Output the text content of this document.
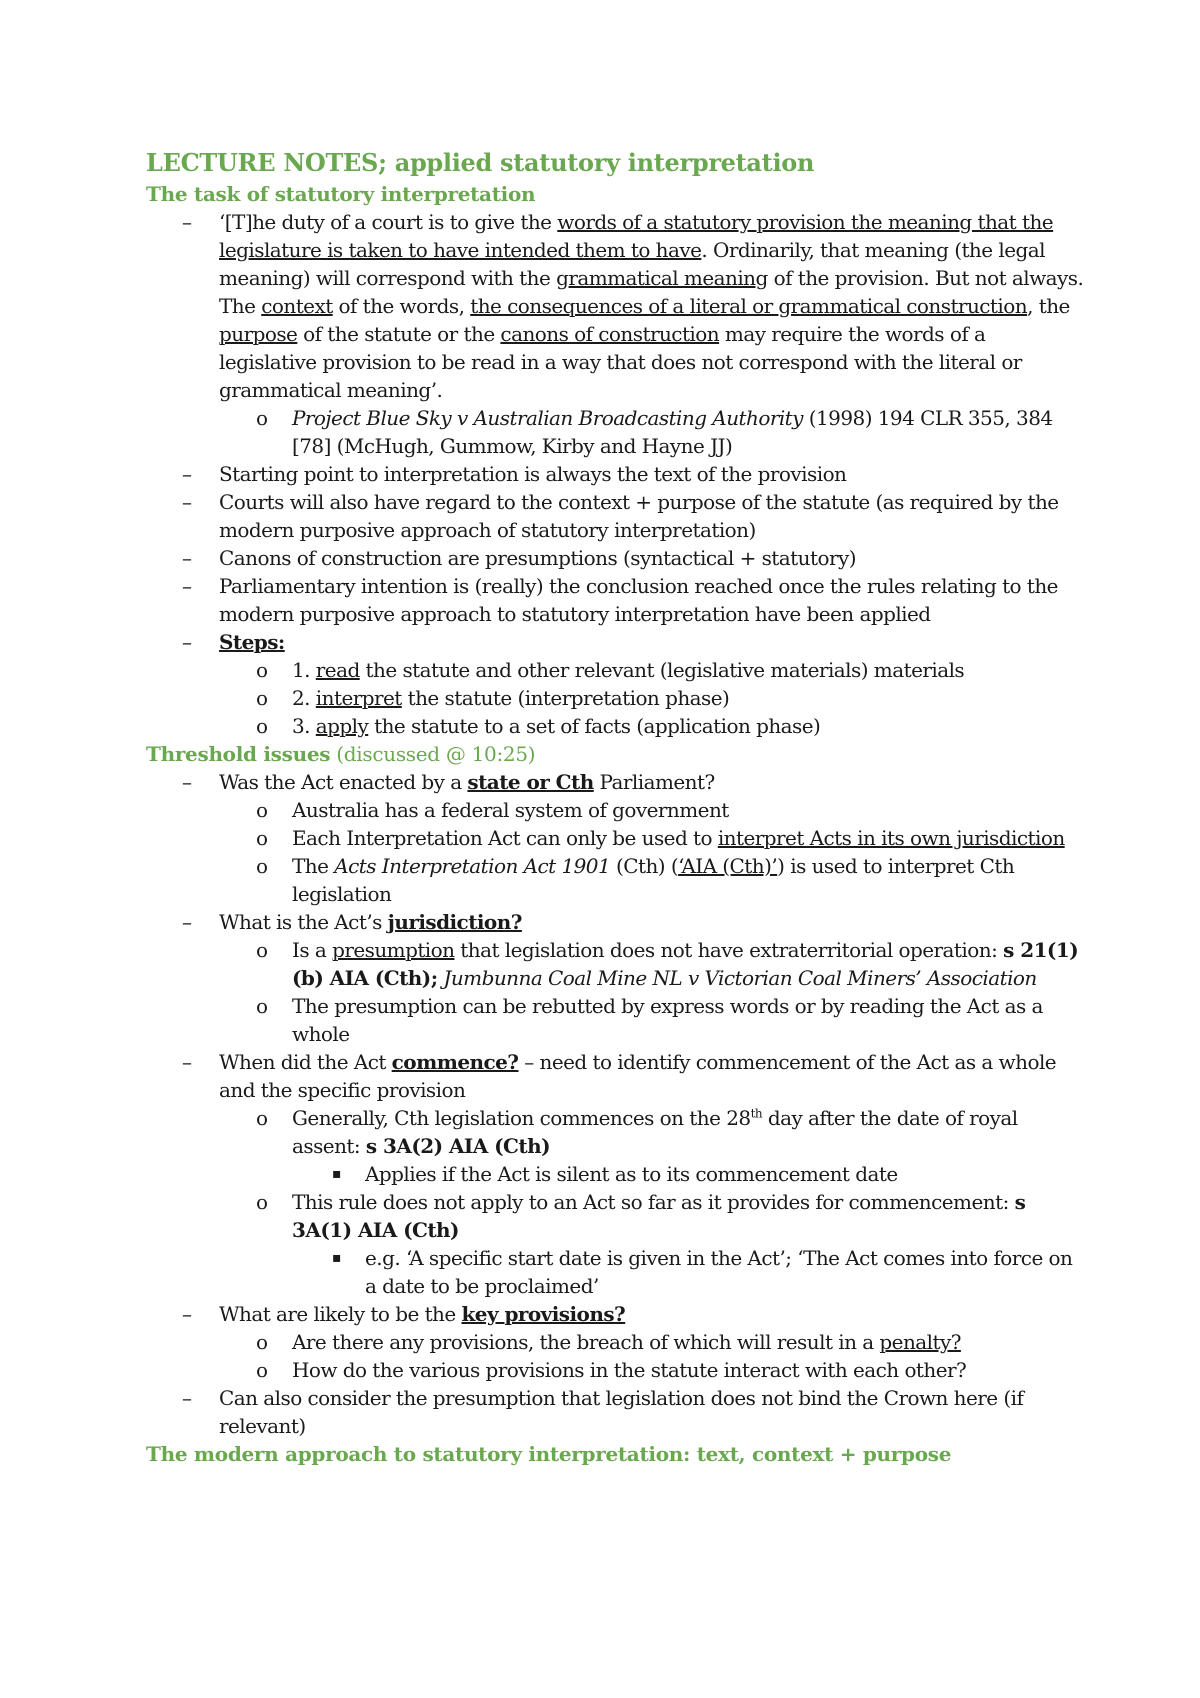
LECTURE NOTES; applied statutory interpretation
The task of statutory interpretation
– ‘[T]he duty of a court is to give the words of a statutory provision the meaning that the legislature is taken to have intended them to have. Ordinarily, that meaning (the legal meaning) will correspond with the grammatical meaning of the provision. But not always. The context of the words, the consequences of a literal or grammatical construction, the purpose of the statute or the canons of construction may require the words of a legislative provision to be read in a way that does not correspond with the literal or grammatical meaning’.
o Project Blue Sky v Australian Broadcasting Authority (1998) 194 CLR 355, 384 [78] (McHugh, Gummow, Kirby and Hayne JJ)
– Starting point to interpretation is always the text of the provision
– Courts will also have regard to the context + purpose of the statute (as required by the modern purposive approach of statutory interpretation)
– Canons of construction are presumptions (syntactical + statutory)
– Parliamentary intention is (really) the conclusion reached once the rules relating to the modern purposive approach to statutory interpretation have been applied
– Steps:
o 1. read the statute and other relevant (legislative materials) materials
o 2. interpret the statute (interpretation phase)
o 3. apply the statute to a set of facts (application phase)
Threshold issues (discussed @ 10:25)
– Was the Act enacted by a state or Cth Parliament?
o Australia has a federal system of government
o Each Interpretation Act can only be used to interpret Acts in its own jurisdiction
o The Acts Interpretation Act 1901 (Cth) (‘AIA (Cth)’) is used to interpret Cth legislation
– What is the Act’s jurisdiction?
o Is a presumption that legislation does not have extraterritorial operation: s 21(1)(b) AIA (Cth); Jumbunna Coal Mine NL v Victorian Coal Miners’ Association
o The presumption can be rebutted by express words or by reading the Act as a whole
– When did the Act commence? – need to identify commencement of the Act as a whole and the specific provision
o Generally, Cth legislation commences on the 28th day after the date of royal assent: s 3A(2) AIA (Cth)
▪ Applies if the Act is silent as to its commencement date
o This rule does not apply to an Act so far as it provides for commencement: s 3A(1) AIA (Cth)
▪ e.g. ‘A specific start date is given in the Act’; ‘The Act comes into force on a date to be proclaimed’
– What are likely to be the key provisions?
o Are there any provisions, the breach of which will result in a penalty?
o How do the various provisions in the statute interact with each other?
– Can also consider the presumption that legislation does not bind the Crown here (if relevant)
The modern approach to statutory interpretation: text, context + purpose
